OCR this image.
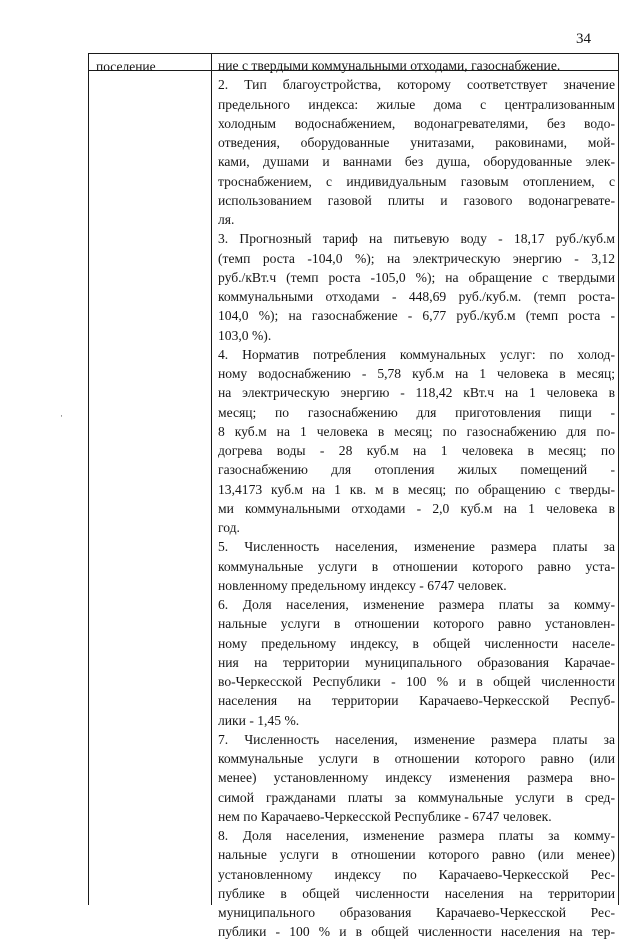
34
·
поселение	ние с твердыми коммунальными отходами, газоснабжение.
2. Тип благоустройства, которому соответствует значение
предельного индекса: жилые дома с централизованным
холодным водоснабжением, водонагревателями, без водо-
отведения, оборудованные унитазами, раковинами, мой-
ками, душами и ваннами без душа, оборудованные элек-
троснабжением, с индивидуальным газовым отоплением, с
использованием газовой плиты и газового водонагревате-
ля.
3. Прогнозный тариф на питьевую воду - 18,17 руб./куб.м
(темп роста -104,0 %); на электрическую энергию - 3,12
руб./кВт.ч (темп роста -105,0 %); на обращение с твердыми
коммунальными отходами - 448,69 руб./куб.м. (темп роста-
104,0 %); на газоснабжение - 6,77 руб./куб.м (темп роста -
103,0 %).
4. Норматив потребления коммунальных услуг: по холод-
ному водоснабжению - 5,78 куб.м на 1 человека в месяц;
на электрическую энергию - 118,42 кВт.ч на 1 человека в
месяц; по газоснабжению для приготовления пищи -
8 куб.м на 1 человека в месяц; по газоснабжению для по-
догрева воды - 28 куб.м на 1 человека в месяц; по
газоснабжению для отопления жилых помещений -
13,4173 куб.м на 1 кв. м в месяц; по обращению с тверды-
ми коммунальными отходами - 2,0 куб.м на 1 человека в
год.
5. Численность населения, изменение размера платы за
коммунальные услуги в отношении которого равно уста-
новленному предельному индексу - 6747 человек.
6. Доля населения, изменение размера платы за комму-
нальные услуги в отношении которого равно установлен-
ному предельному индексу, в общей численности населе-
ния на территории муниципального образования Карачае-
во-Черкесской Республики - 100 % и в общей численности
населения на территории Карачаево-Черкесской Респуб-
лики - 1,45 %.
7. Численность населения, изменение размера платы за
коммунальные услуги в отношении которого равно (или
менее) установленному индексу изменения размера вно-
симой гражданами платы за коммунальные услуги в сред-
нем по Карачаево-Черкесской Республике - 6747 человек.
8. Доля населения, изменение размера платы за комму-
нальные услуги в отношении которого равно (или менее)
установленному индексу по Карачаево-Черкесской Рес-
публике в общей численности населения на территории
муниципального образования Карачаево-Черкесской Рес-
публики - 100 % и в общей численности населения на тер-
